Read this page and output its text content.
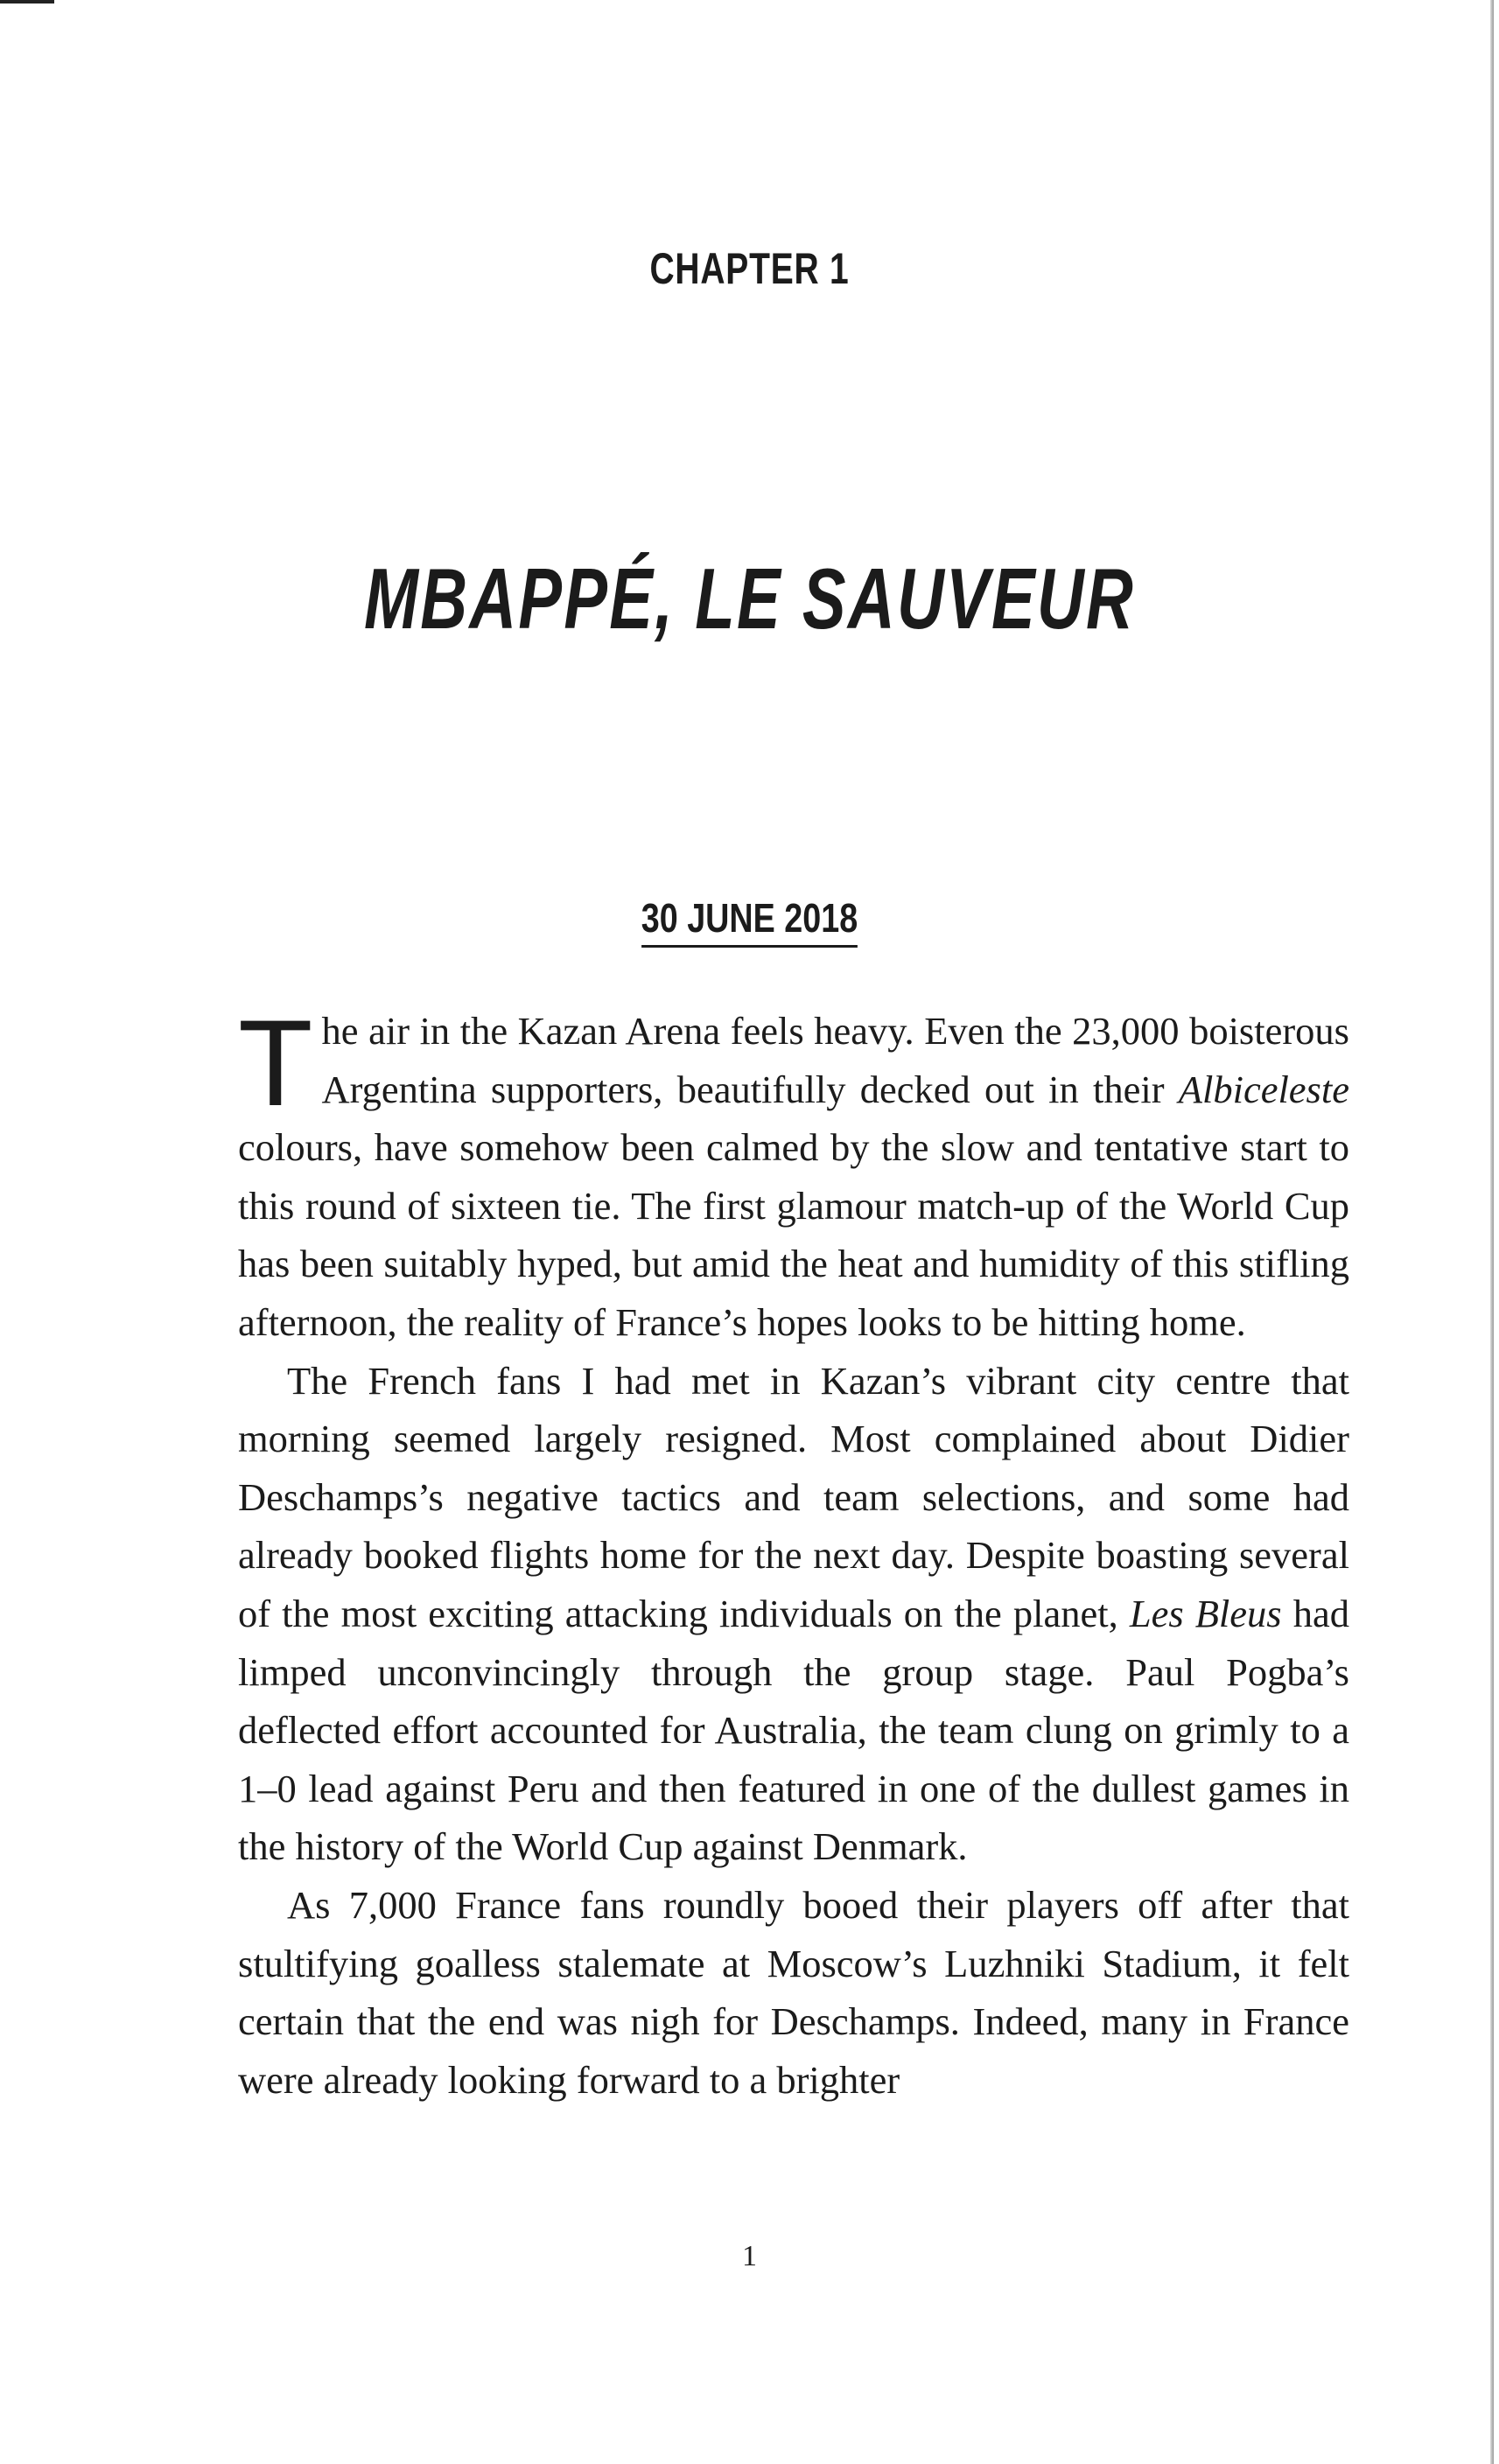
CHAPTER 1
MBAPPÉ, LE SAUVEUR
30 JUNE 2018

The air in the Kazan Arena feels heavy. Even the 23,000 boisterous Argentina supporters, beautifully decked out in their Albiceleste colours, have somehow been calmed by the slow and tentative start to this round of sixteen tie. The first glamour match-up of the World Cup has been suitably hyped, but amid the heat and humidity of this stifling afternoon, the reality of France’s hopes looks to be hitting home.

The French fans I had met in Kazan’s vibrant city centre that morning seemed largely resigned. Most complained about Didier Deschamps’s negative tactics and team selections, and some had already booked flights home for the next day. Despite boasting several of the most exciting attacking individuals on the planet, Les Bleus had limped unconvincingly through the group stage. Paul Pogba’s deflected effort accounted for Australia, the team clung on grimly to a 1–0 lead against Peru and then featured in one of the dullest games in the history of the World Cup against Denmark.

As 7,000 France fans roundly booed their players off after that stultifying goalless stalemate at Moscow’s Luzhniki Stadium, it felt certain that the end was nigh for Deschamps. Indeed, many in France were already looking forward to a brighter

1
